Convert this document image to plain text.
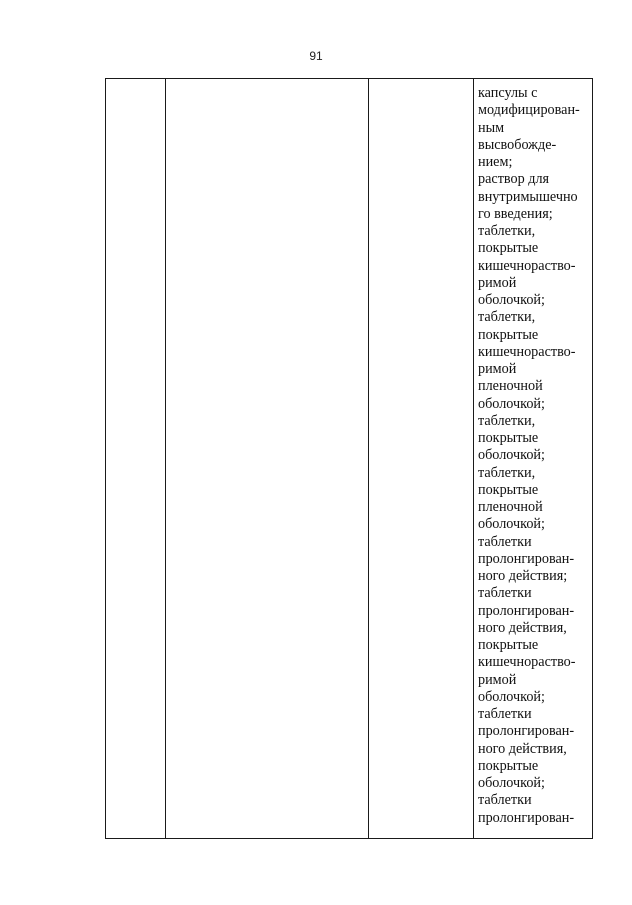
91
капсулы с
модифицирован-
ным
высвобожде-
нием;
раствор для
внутримышечно
го введения;
таблетки,
покрытые
кишечнораство-
римой
оболочкой;
таблетки,
покрытые
кишечнораство-
римой
пленочной
оболочкой;
таблетки,
покрытые
оболочкой;
таблетки,
покрытые
пленочной
оболочкой;
таблетки
пролонгирован-
ного действия;
таблетки
пролонгирован-
ного действия,
покрытые
кишечнораство-
римой
оболочкой;
таблетки
пролонгирован-
ного действия,
покрытые
оболочкой;
таблетки
пролонгирован-
